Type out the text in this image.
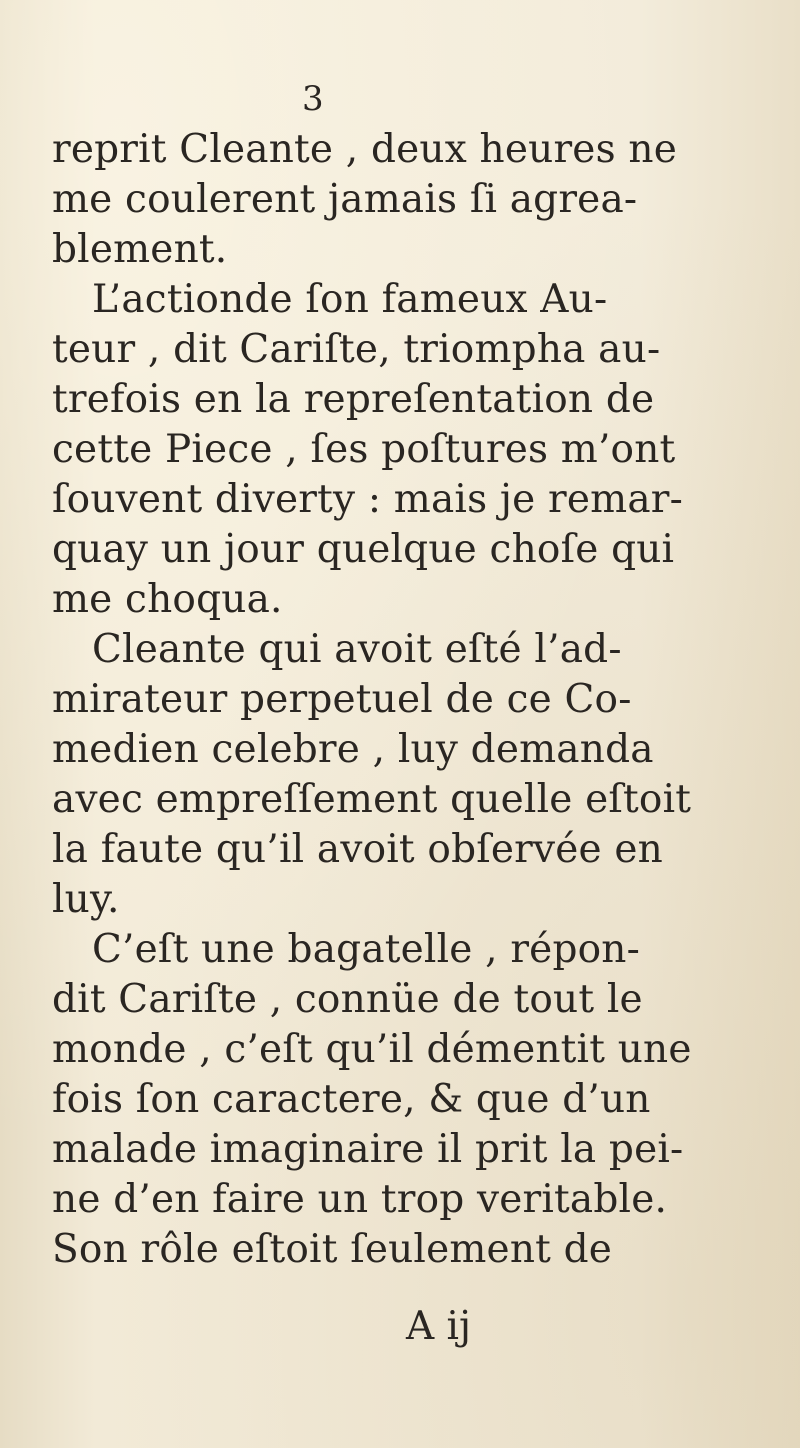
3
reprit Cleante , deux heures ne
me coulerent jamais ſi agrea-
blement.
L’actionde ſon fameux Au-
teur , dit Cariſte, triompha au-
trefois en la repreſentation de
cette Piece , ſes poſtures m’ont
ſouvent diverty : mais je remar-
quay un jour quelque choſe qui
me choqua.
Cleante qui avoit eſté l’ad-
mirateur perpetuel de ce Co-
medien celebre , luy demanda
avec empreſſement quelle eſtoit
la faute qu’il avoit obſervée en
luy.
C’eſt une bagatelle , répon-
dit Cariſte , connüe de tout le
monde , c’eſt qu’il démentit une
fois ſon caractere, & que d’un
malade imaginaire il prit la pei-
ne d’en faire un trop veritable.
Son rôle eſtoit ſeulement de
A ij
